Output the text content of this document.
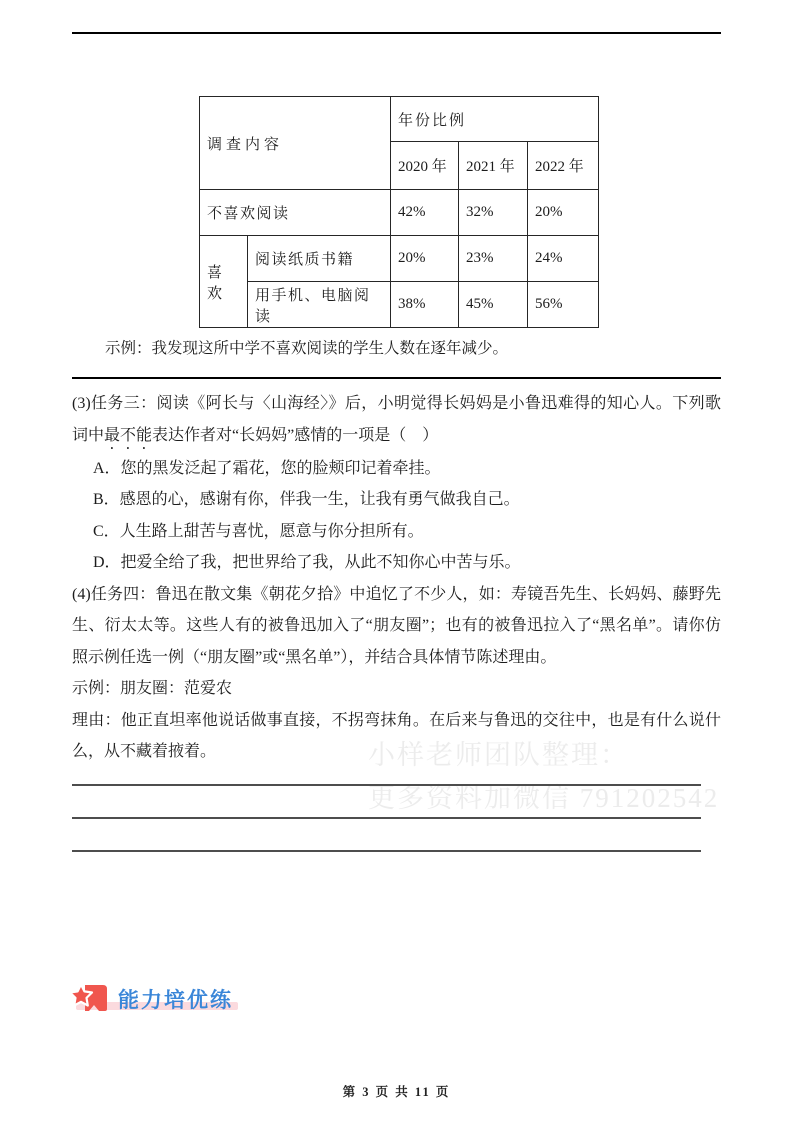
小样老师团队整理：
更多资料加微信 791202542
调查内容		年份比例		
		2020 年	2021 年	2022 年
不喜欢阅读		42%	32%	20%
喜欢	阅读纸质书籍	20%	23%	24%
	用手机、电脑阅读	38%	45%	56%
示例：我发现这所中学不喜欢阅读的学生人数在逐年减少。
(3)任务三：阅读《阿长与〈山海经〉》后，小明觉得长妈妈是小鲁迅难得的知心人。下列歌词中最不能表达作者对“长妈妈”感情的一项是（　）
A．您的黑发泛起了霜花，您的脸颊印记着牵挂。
B．感恩的心，感谢有你，伴我一生，让我有勇气做我自己。
C．人生路上甜苦与喜忧，愿意与你分担所有。
D．把爱全给了我，把世界给了我，从此不知你心中苦与乐。
(4)任务四：鲁迅在散文集《朝花夕拾》中追忆了不少人，如：寿镜吾先生、长妈妈、藤野先生、衍太太等。这些人有的被鲁迅加入了“朋友圈”；也有的被鲁迅拉入了“黑名单”。请你仿照示例任选一例（“朋友圈”或“黑名单”），并结合具体情节陈述理由。
示例：朋友圈：范爱农
理由：他正直坦率他说话做事直接，不拐弯抹角。在后来与鲁迅的交往中，也是有什么说什么，从不藏着掖着。
能力培优练
第 3 页 共 11 页
